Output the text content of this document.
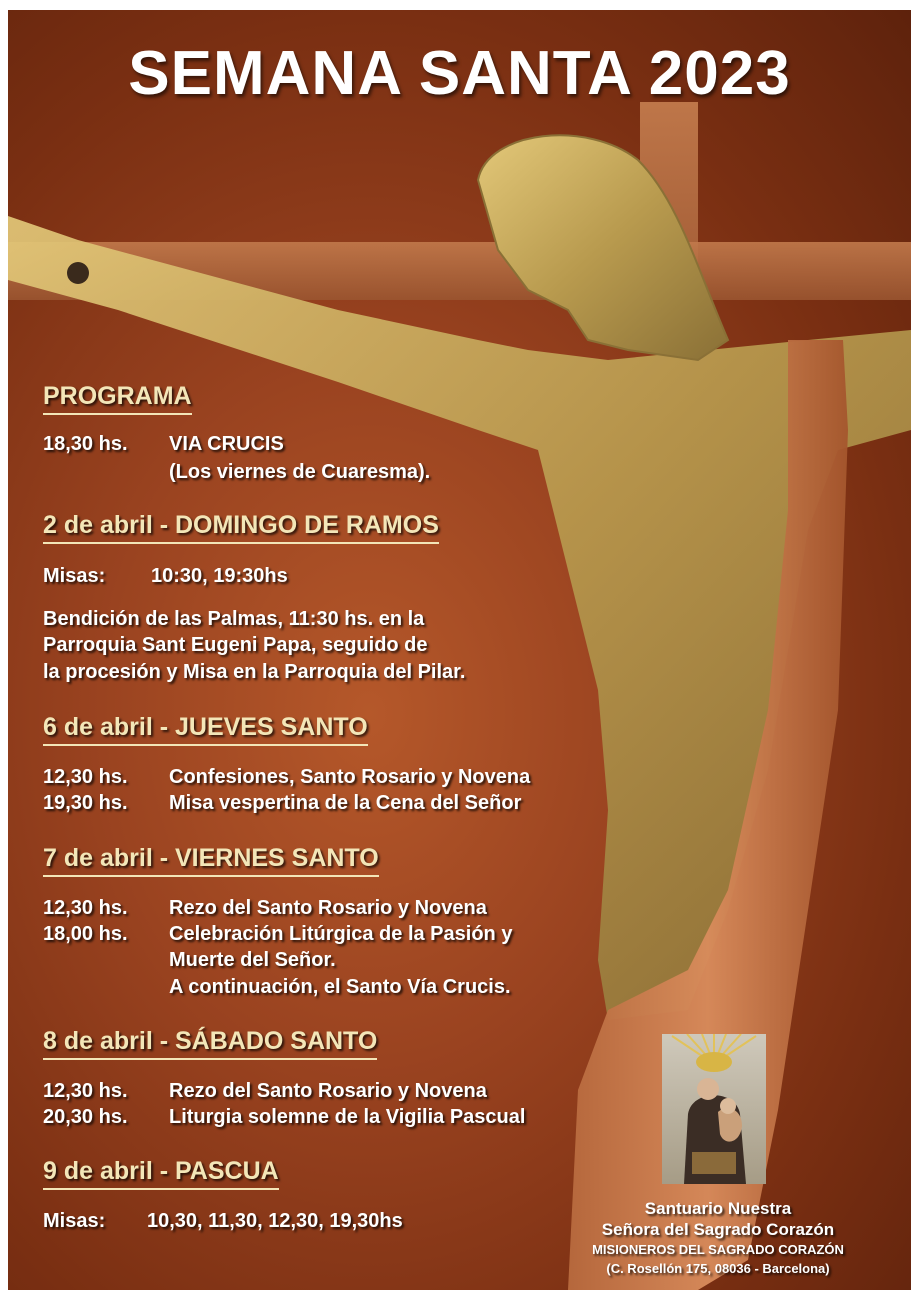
SEMANA SANTA 2023
PROGRAMA
18,30 hs. VIA CRUCIS
(Los viernes de Cuaresma).
2 de abril - DOMINGO DE RAMOS
Misas: 10:30, 19:30hs
Bendición de las Palmas, 11:30 hs. en la
Parroquia Sant Eugeni Papa, seguido de
la procesión y Misa en la Parroquia del Pilar.
6 de abril - JUEVES SANTO
12,30 hs. Confesiones, Santo Rosario y Novena
19,30 hs. Misa vespertina de la Cena del Señor
7 de abril - VIERNES SANTO
12,30 hs. Rezo del Santo Rosario y Novena
18,00 hs. Celebración Litúrgica de la Pasión y
Muerte del Señor.
A continuación, el Santo Vía Crucis.
8 de abril - SÁBADO SANTO
12,30 hs. Rezo del Santo Rosario y Novena
20,30 hs. Liturgia solemne de la Vigilia Pascual
9 de abril - PASCUA
Misas: 10,30, 11,30, 12,30, 19,30hs
Santuario Nuestra
Señora del Sagrado Corazón
MISIONEROS DEL SAGRADO CORAZÓN
(C. Rosellón 175, 08036 - Barcelona)
